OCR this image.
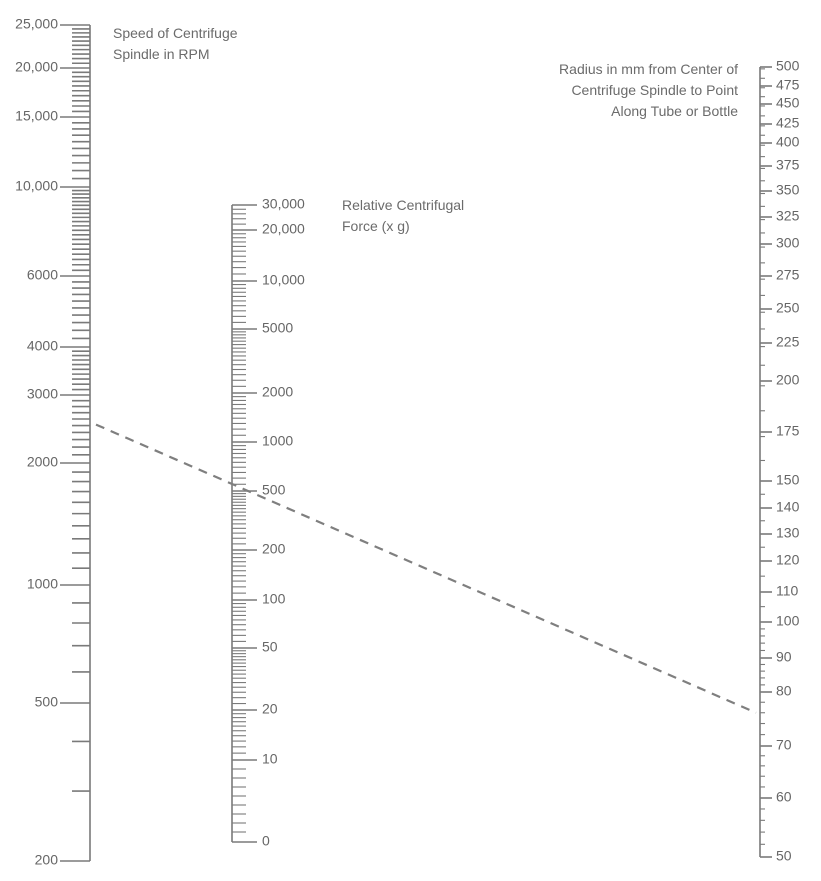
Speed of Centrifuge
Spindle in RPM
Relative Centrifugal
Force (x g)
Radius in mm from Center of
Centrifuge Spindle to Point
Along Tube or Bottle
25,000
20,000
15,000
10,000
6000
4000
3000
2000
1000
500
200
30,000
20,000
10,000
5000
2000
1000
500
200
100
50
20
10
0
500
475
450
425
400
375
350
325
300
275
250
225
200
175
150
140
130
120
110
100
90
80
70
60
50
